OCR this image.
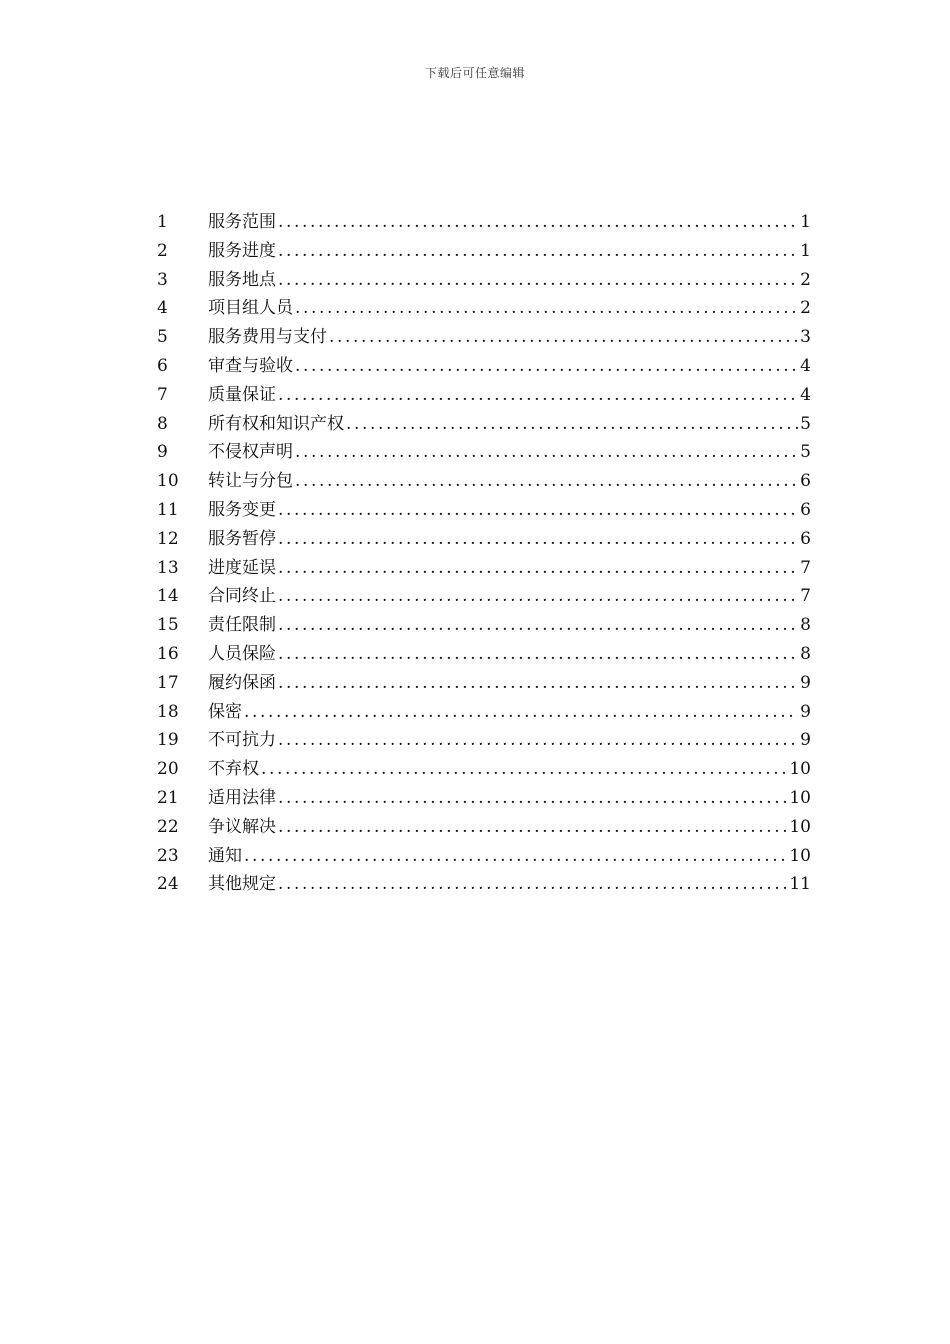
下载后可任意编辑
1	服务范围 .....	1
2	服务进度 .....	1
3	服务地点 .....	2
4	项目组人员 .....	2
5	服务费用与支付 .....	3
6	审查与验收 .....	4
7	质量保证 .....	4
8	所有权和知识产权 .....	5
9	不侵权声明 .....	5
10	转让与分包 .....	6
11	服务变更 .....	6
12	服务暂停 .....	6
13	进度延误 .....	7
14	合同终止 .....	7
15	责任限制 .....	8
16	人员保险 .....	8
17	履约保函 .....	9
18	保密 .....	9
19	不可抗力 .....	9
20	不弃权 .....	10
21	适用法律 .....	10
22	争议解决 .....	10
23	通知 .....	10
24	其他规定 .....	11
